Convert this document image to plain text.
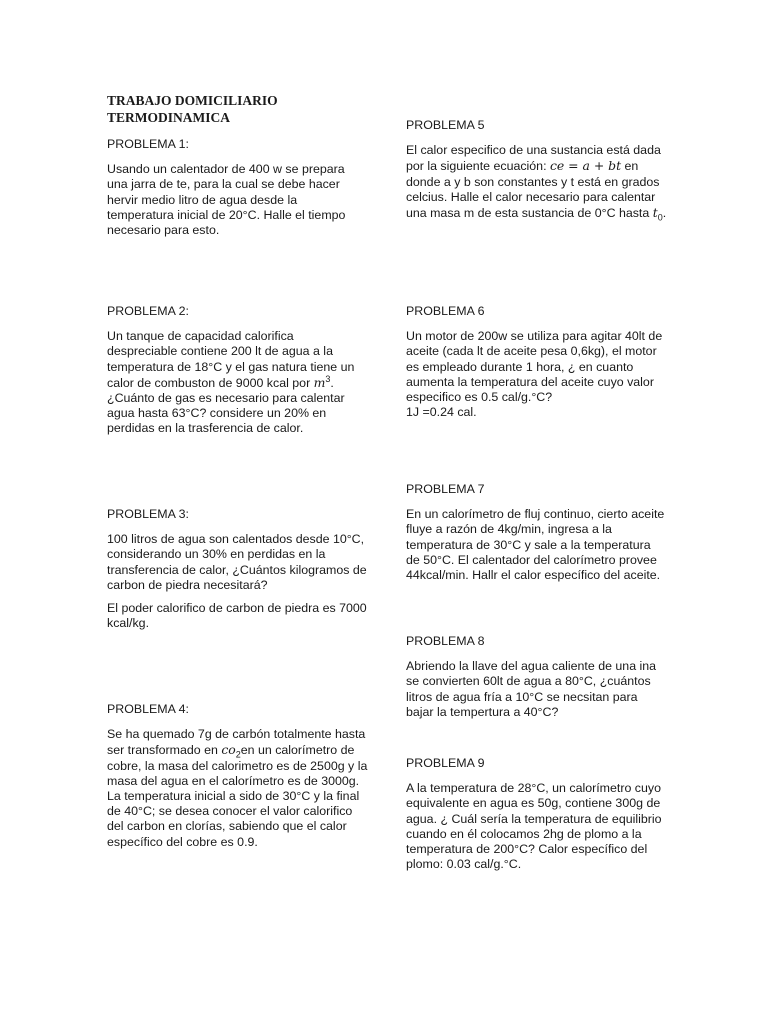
TRABAJO DOMICILIARIO
TERMODINAMICA
PROBLEMA 1:

Usando un calentador de 400 w se prepara una jarra de te, para la cual se debe hacer hervir medio litro de agua desde la temperatura inicial de 20°C. Halle el tiempo necesario para esto.

PROBLEMA 2:

Un tanque de capacidad calorifica despreciable contiene 200 lt de agua a la temperatura de 18°C y el gas natura tiene un calor de combuston de 9000 kcal por $m^3$. ¿Cuánto de gas es necesario para calentar agua hasta 63°C? considere un 20% en perdidas en la trasferencia de calor.

PROBLEMA 3:

100 litros de agua son calentados desde 10°C, considerando un 30% en perdidas en la transferencia de calor, ¿Cuántos kilogramos de carbon de piedra necesitará?

El poder calorifico de carbon de piedra es 7000 kcal/kg.

PROBLEMA 4:

Se ha quemado 7g de carbón totalmente hasta ser transformado en $co_2en$ un calorímetro de cobre, la masa del calorimetro es de 2500g y la masa del agua en el calorímetro es de 3000g. La temperatura inicial a sido de 30°C y la final de 40°C; se desea conocer el valor calorifico del carbon en clorías, sabiendo que el calor específico del cobre es 0.9.

PROBLEMA 5

El calor especifico de una sustancia está dada por la siguiente ecuación: ce = a + bt en donde a y b son constantes y t está en grados celcius. Halle el calor necesario para calentar una masa m de esta sustancia de 0°C hasta $t_0$.

PROBLEMA 6

Un motor de 200w se utiliza para agitar 40lt de aceite (cada lt de aceite pesa 0,6kg), el motor es empleado durante 1 hora, ¿ en cuanto aumenta la temperatura del aceite cuyo valor especifico es 0.5 cal/g.°C?

1J =0.24 cal.

PROBLEMA 7

En un calorímetro de fluj continuo, cierto aceite fluye a razón de 4kg/min, ingresa a la temperatura de 30°C y sale a la temperatura de 50°C. El calentador del calorímetro provee 44kcal/min. Hallr el calor específico del aceite.

PROBLEMA 8

Abriendo la llave del agua caliente de una ina se convierten 60lt de agua a 80°C, ¿cuántos litros de agua fría a 10°C se necsitan para bajar la tempertura a 40°C?

PROBLEMA 9

A la temperatura de 28°C, un calorímetro cuyo equivalente en agua es 50g, contiene 300g de agua. ¿ Cuál sería la temperatura de equilibrio cuando en él colocamos 2hg de plomo a la temperatura de 200°C? Calor específico del plomo: 0.03 cal/g.°C.
